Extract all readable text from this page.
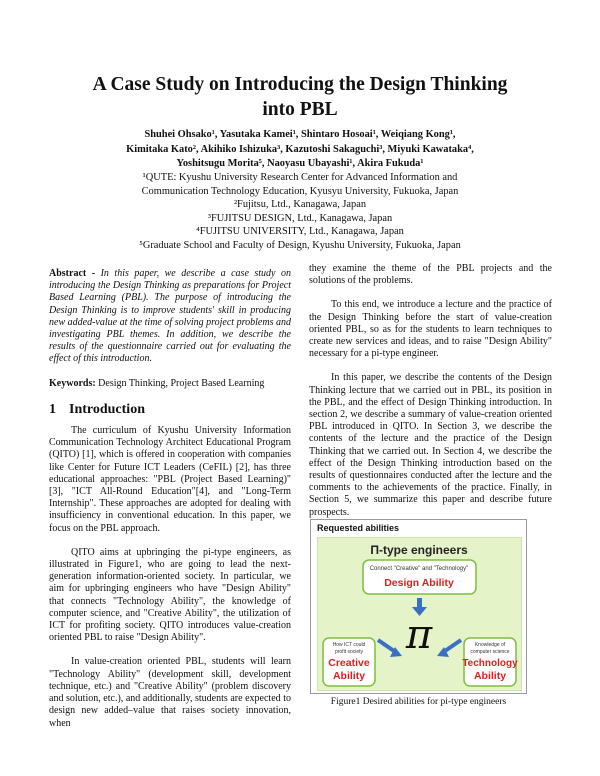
A Case Study on Introducing the Design Thinking
into PBL
Shuhei Ohsako¹, Yasutaka Kamei¹, Shintaro Hosoai¹, Weiqiang Kong¹,
Kimitaka Kato², Akihiko Ishizuka³, Kazutoshi Sakaguchi³, Miyuki Kawataka⁴,
Yoshitsugu Morita⁵, Naoyasu Ubayashi¹, Akira Fukuda¹
¹QUTE: Kyushu University Research Center for Advanced Information and
Communication Technology Education, Kyusyu University, Fukuoka, Japan
²Fujitsu, Ltd., Kanagawa, Japan
³FUJITSU DESIGN, Ltd., Kanagawa, Japan
⁴FUJITSU UNIVERSITY, Ltd., Kanagawa, Japan
⁵Graduate School and Faculty of Design, Kyushu University, Fukuoka, Japan

Abstract - In this paper, we describe a case study on introducing the Design Thinking as preparations for Project Based Learning (PBL). The purpose of introducing the Design Thinking is to improve students' skill in producing new added-value at the time of solving project problems and investigating PBL themes. In addition, we describe the results of the questionnaire carried out for evaluating the effect of this introduction.

Keywords: Design Thinking, Project Based Learning

1 Introduction

The curriculum of Kyushu University Information Communication Technology Architect Educational Program (QITO) [1], which is offered in cooperation with companies like Center for Future ICT Leaders (CeFIL) [2], has three educational approaches: "PBL (Project Based Learning)"[3], "ICT All-Round Education"[4], and "Long-Term Internship". These approaches are adopted for dealing with insufficiency in conventional education. In this paper, we focus on the PBL approach.

QITO aims at upbringing the pi-type engineers, as illustrated in Figure1, who are going to lead the next-generation information-oriented society. In particular, we aim for upbringing engineers who have "Design Ability" that connects "Technology Ability", the knowledge of computer science, and "Creative Ability", the utilization of ICT for profiting society. QITO introduces value-creation oriented PBL to raise "Design Ability".

In value-creation oriented PBL, students will learn "Technology Ability" (development skill, development technique, etc.) and "Creative Ability" (problem discovery and solution, etc.), and additionally, students are expected to design new added–value that raises society innovation, when

they examine the theme of the PBL projects and the solutions of the problems.

To this end, we introduce a lecture and the practice of the Design Thinking before the start of value-creation oriented PBL, so as for the students to learn techniques to create new services and ideas, and to raise "Design Ability" necessary for a pi-type engineer.

In this paper, we describe the contents of the Design Thinking lecture that we carried out in PBL, its position in the PBL, and the effect of Design Thinking introduction. In section 2, we describe a summary of value-creation oriented PBL introduced in QITO. In Section 3, we describe the contents of the lecture and the practice of the Design Thinking that we carried out. In Section 4, we describe the effect of the Design Thinking introduction based on the results of questionnaires conducted after the lecture and the comments to the achievements of the practice. Finally, in Section 5, we summarize this paper and describe future prospects.

Requested abilities
Π-type engineers
Connect "Creative" and "Technology"
Design Ability
π
How ICT could
profit society
Creative
Ability
Knowledge of
computer science
Technology
Ability
Figure1 Desired abilities for pi-type engineers
